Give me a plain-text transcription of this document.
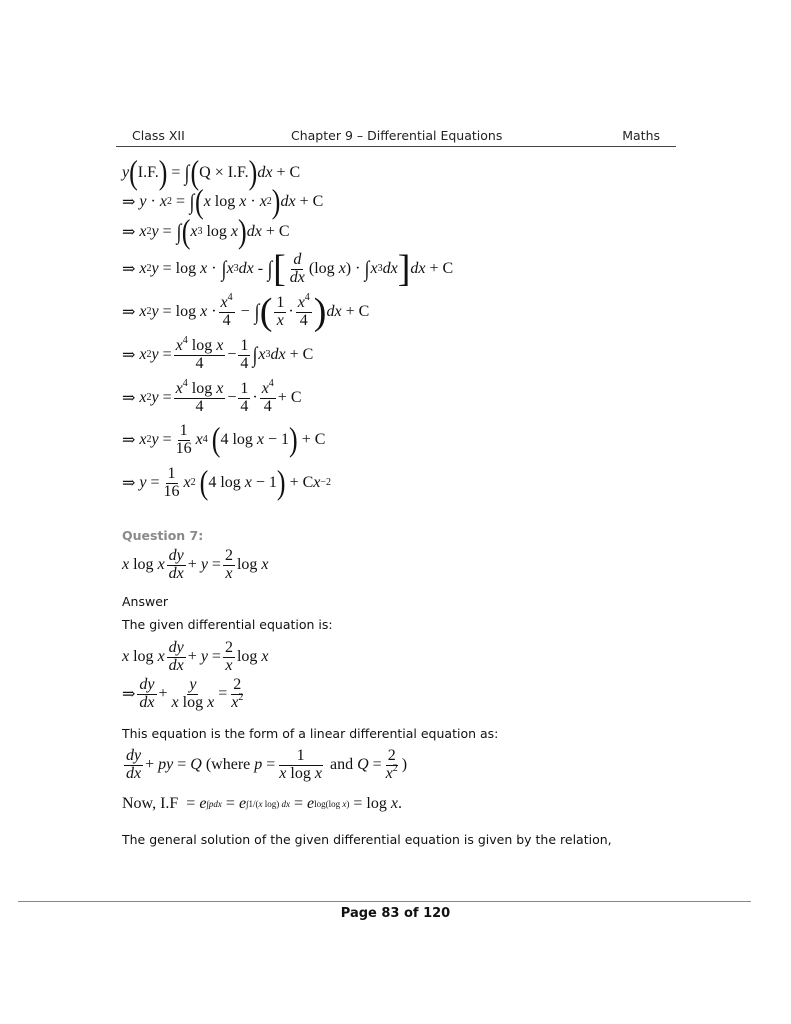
Class XII	Chapter 9 – Differential Equations	Maths
y ( I.F. ) = ∫ ( Q × I.F. ) dx + C
⇒ y · x 2 = ∫ ( x log x · x 2 ) dx + C
⇒ x 2 y = ∫ ( x 3 log x ) dx + C
⇒ x 2 y = log x · ∫ x 3 dx - ∫ [ $\frac{d}{dx} (\log$ x ) · ∫ x 3 dx ] dx + C
⇒ x 2 $y = \log x \cdot \frac{x^4}{4}$ − ∫ ( $\frac{1}{x} \cdot \frac{x^4}{4}$ ) dx + C
⇒ x 2 $y = \frac{x^4 \log x}{4} - \frac{1}{4}$ ∫ x 3 dx + C
⇒ x 2 $y = \frac{x^4 \log x}{4} - \frac{1}{4} \cdot \frac{x^4}{4} + C$
⇒ x 2 $y = \frac{1}{16}$ x 4
( 4 log x − 1 ) + C
⇒ $y = \frac{1}{16}$ x 2
( 4 log x − 1 ) + C x −2
Question 7:
x log x $\frac{dy}{dx} + y = \frac{2}{x}$ log x
Answer
The given differential equation is:
x log x $\frac{dy}{dx} + y = \frac{2}{x}$ log x
⇒ $\frac{dy}{dx} + \frac{y}{\text{x log x}} = \frac{2}{x^2}$
This equation is the form of a linear differential equation as:
$\frac{dy}{dx}$ + py = Q (where $p = \frac{1}{\text{x log x}}$ and $Q = \frac{2}{x^2}$ )
Now, I.F  = e ∫pdx = e ∫1/(x log) dx = e log(log x) = log x .
The general solution of the given differential equation is given by the relation,
Page 83 of 120
